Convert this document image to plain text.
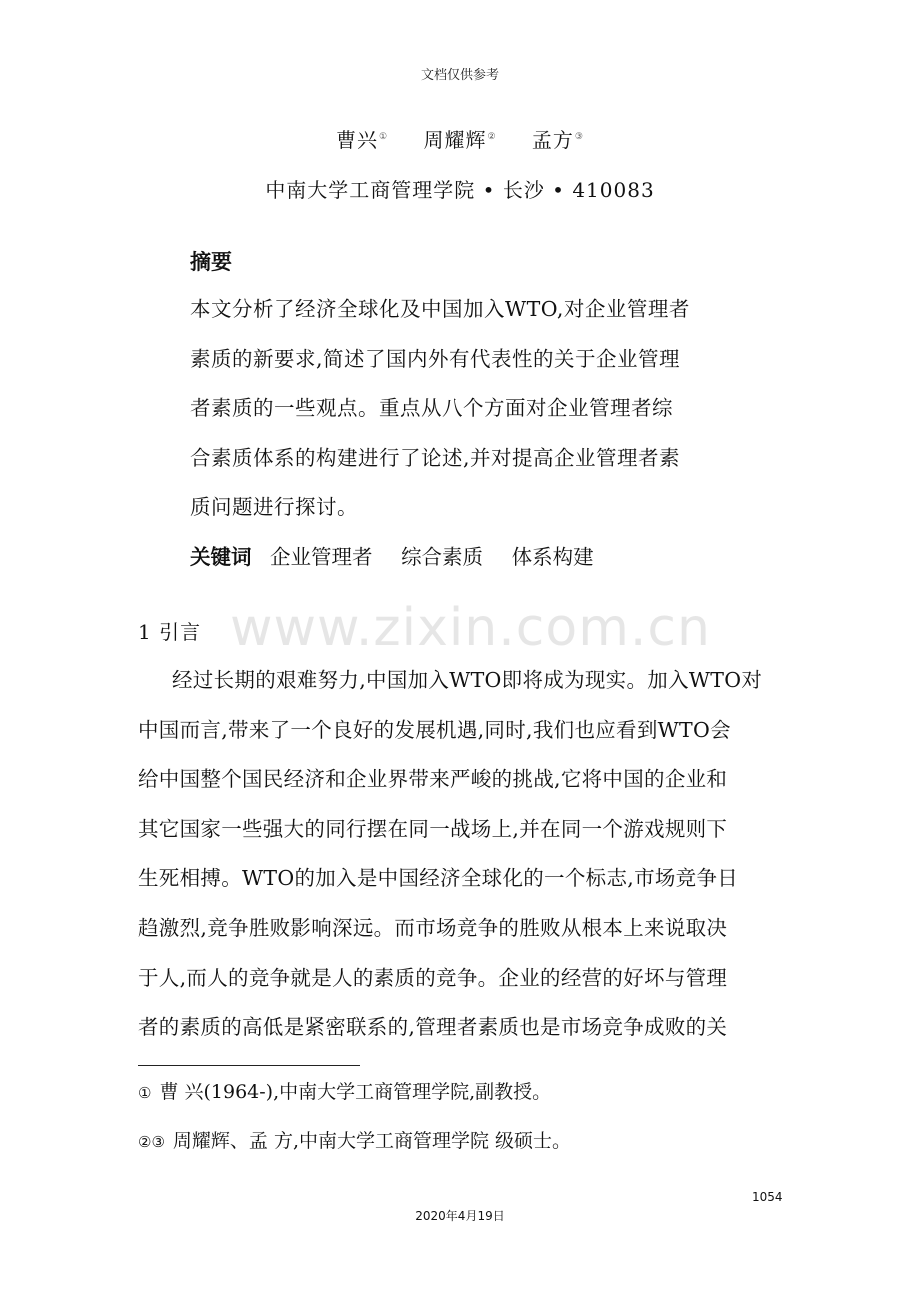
文档仅供参考
曹兴① 周耀辉② 孟方③
中南大学工商管理学院 • 长沙 • 410083
摘要
本文分析了经济全球化及中国加入WTO,对企业管理者
素质的新要求,简述了国内外有代表性的关于企业管理
者素质的一些观点。重点从八个方面对企业管理者综
合素质体系的构建进行了论述,并对提高企业管理者素
质问题进行探讨。
关键词 企业管理者 综合素质 体系构建
www.zixin.com.cn
1 引言
经过长期的艰难努力,中国加入WTO即将成为现实。加入WTO对
中国而言,带来了一个良好的发展机遇,同时,我们也应看到WTO会
给中国整个国民经济和企业界带来严峻的挑战,它将中国的企业和
其它国家一些强大的同行摆在同一战场上,并在同一个游戏规则下
生死相搏。WTO的加入是中国经济全球化的一个标志,市场竞争日
趋激烈,竞争胜败影响深远。而市场竞争的胜败从根本上来说取决
于人,而人的竞争就是人的素质的竞争。企业的经营的好坏与管理
者的素质的高低是紧密联系的,管理者素质也是市场竞争成败的关
① 曹 兴(1964-),中南大学工商管理学院,副教授。
②③ 周耀辉、孟 方,中南大学工商管理学院 级硕士。
1054
2020年4月19日
